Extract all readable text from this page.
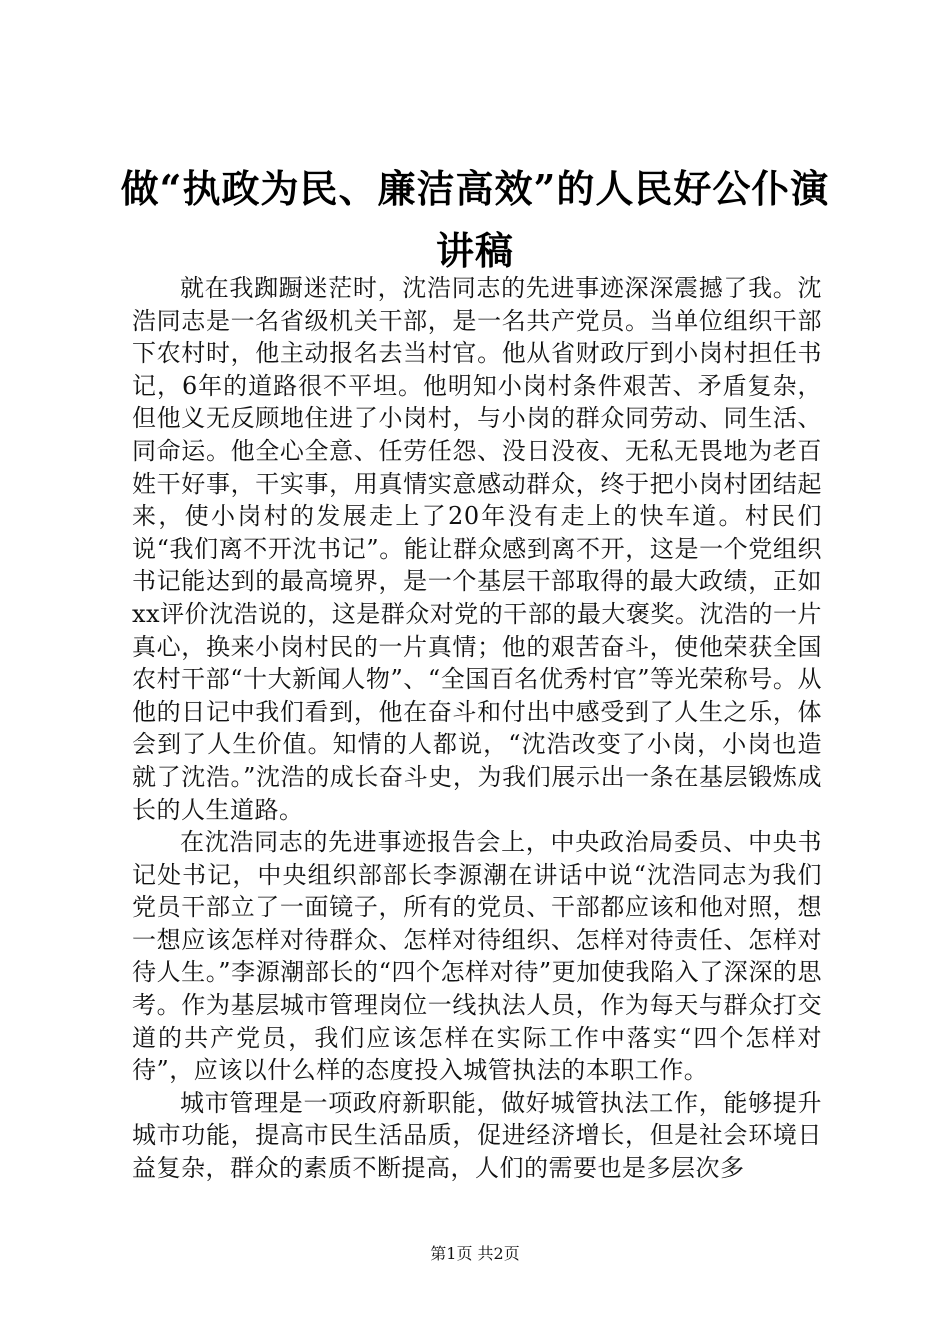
做“执政为民、廉洁高效”的人民好公仆演讲稿

就在我踟蹰迷茫时，沈浩同志的先进事迹深深震撼了我。沈浩同志是一名省级机关干部，是一名共产党员。当单位组织干部下农村时，他主动报名去当村官。他从省财政厅到小岗村担任书记，6年的道路很不平坦。他明知小岗村条件艰苦、矛盾复杂，但他义无反顾地住进了小岗村，与小岗的群众同劳动、同生活、同命运。他全心全意、任劳任怨、没日没夜、无私无畏地为老百姓干好事，干实事，用真情实意感动群众，终于把小岗村团结起来，使小岗村的发展走上了20年没有走上的快车道。村民们说“我们离不开沈书记”。能让群众感到离不开，这是一个党组织书记能达到的最高境界，是一个基层干部取得的最大政绩，正如xx评价沈浩说的，这是群众对党的干部的最大褒奖。沈浩的一片真心，换来小岗村民的一片真情；他的艰苦奋斗，使他荣获全国农村干部“十大新闻人物”、“全国百名优秀村官”等光荣称号。从他的日记中我们看到，他在奋斗和付出中感受到了人生之乐，体会到了人生价值。知情的人都说，“沈浩改变了小岗，小岗也造就了沈浩。”沈浩的成长奋斗史，为我们展示出一条在基层锻炼成长的人生道路。

在沈浩同志的先进事迹报告会上，中央政治局委员、中央书记处书记，中央组织部部长李源潮在讲话中说“沈浩同志为我们党员干部立了一面镜子，所有的党员、干部都应该和他对照，想一想应该怎样对待群众、怎样对待组织、怎样对待责任、怎样对待人生。”李源潮部长的“四个怎样对待”更加使我陷入了深深的思考。作为基层城市管理岗位一线执法人员，作为每天与群众打交道的共产党员，我们应该怎样在实际工作中落实“四个怎样对待”，应该以什么样的态度投入城管执法的本职工作。

城市管理是一项政府新职能，做好城管执法工作，能够提升城市功能，提高市民生活品质，促进经济增长，但是社会环境日益复杂，群众的素质不断提高，人们的需要也是多层次多

第1页 共2页
